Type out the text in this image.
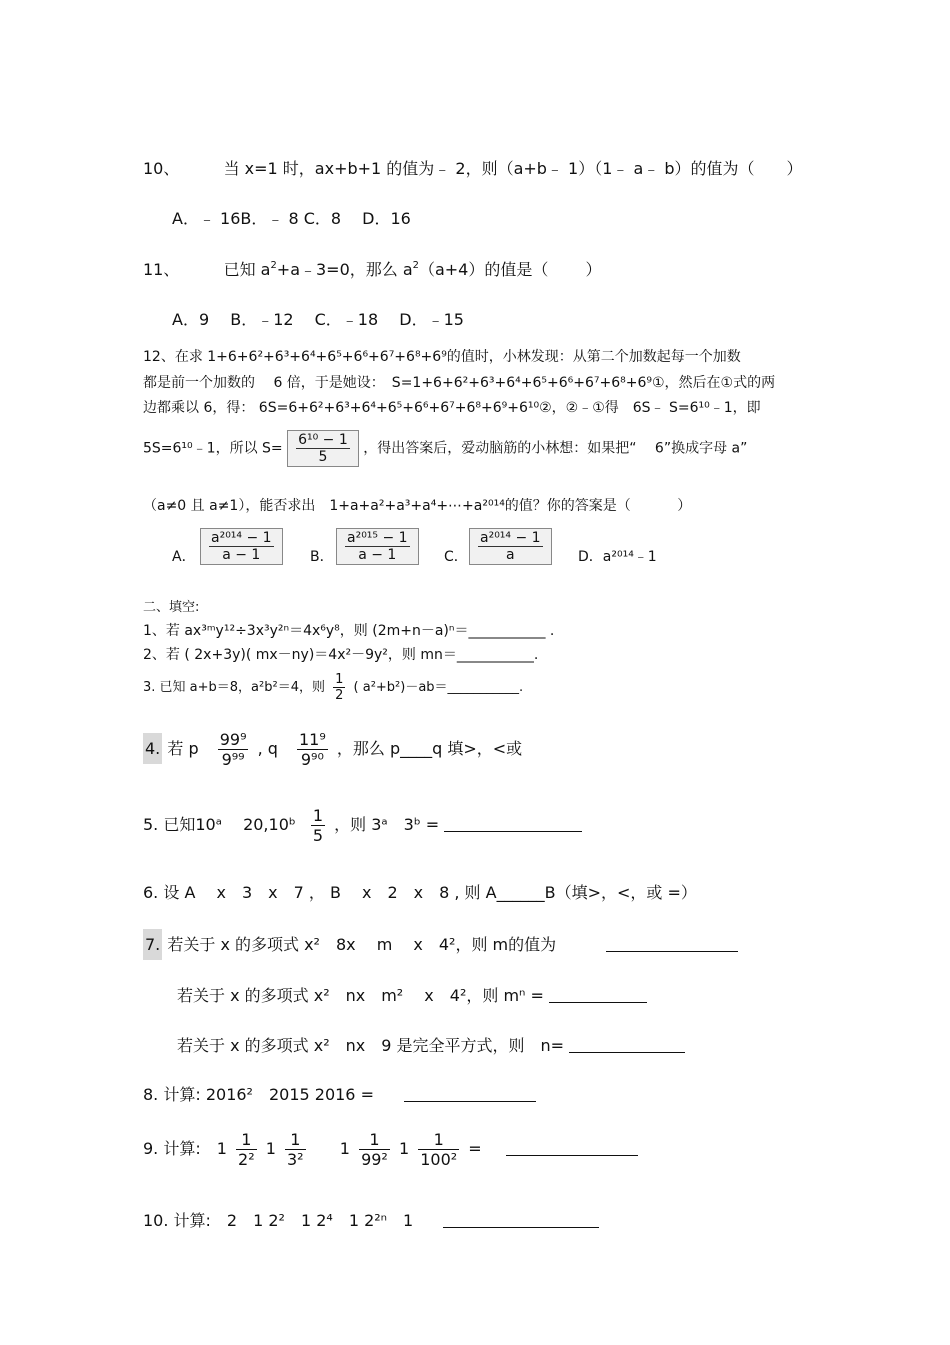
10、	当 x=1 时，ax+b+1 的值为﹣ 2，则（a+b﹣ 1）（1﹣ a﹣ b）的值为（　　）
A．﹣ 16B．﹣ 8 C．8　 D．16
11、	已知 $a^2+a﹣3=0$，那么 $a^2(a+4)$的值是（　　 ）
A．9　 B．﹣12　 C．﹣18　 D．﹣15
12、在求 1+6+6²+6³+6⁴+6⁵+6⁶+6⁷+6⁸+6⁹的值时，小林发现：从第二个加数起每一个加数
都是前一个加数的　 6 倍，于是她设：　S=1+6+6²+6³+6⁴+6⁵+6⁶+6⁷+6⁸+6⁹①，然后在①式的两
边都乘以 6，得： 6S=6+6²+6³+6⁴+6⁵+6⁶+6⁷+6⁸+6⁹+6¹⁰②，②﹣①得　6S﹣ S=6¹⁰﹣1，即
5S=6¹⁰﹣1，所以 $S= \frac{\text{6¹⁰ − 1}}{5}$ ，得出答案后，爱动脑筋的小林想：如果把“　 6”换成字母 a”
（a≠0 且 a≠1），能否求出　1+a+a²+a³+a⁴+⋯+a²⁰¹⁴的值？你的答案是（　　　 ）
A． $\frac{\text{a²⁰¹⁴ − 1}}{a - 1}$ B． $\frac{\text{a²⁰¹⁵ − 1}}{a - 1}$ C． $\frac{\text{a²⁰¹⁴ − 1}}{a}$ D．a²⁰¹⁴﹣1
二、填空:
1、若 ax³ᵐy¹²÷3x³y²ⁿ＝4x⁶y⁸，则 (2m+n－a)ⁿ＝___________ .
2、若 ( 2x+3y)( mx－ny)＝4x²－9y²，则 mn＝___________.
3. 已知 a+b＝8，a²b²＝4，则 $\frac{1}{2}$ ( a²+b²)－ab＝___________.
4. 若 p $\frac{\text{99⁹}}{\text{9⁹⁹}}$ , q $\frac{\text{11⁹}}{\text{9⁹⁰}}$ ，那么 p____q 填>，<或
5. 已知10ᵃ　 20,10ᵇ $\frac{1}{5}$ ，则 3ᵃ　3ᵇ =
6. 设 A　 x　3　x　7 ， B　 x　2　x　8 , 则 A______B（填>，<，或 =）
7. 若关于 x 的多项式 x²　8x　 m　 x　4²，则 m的值为
若关于 x 的多项式 x²　nx　m²　 x　4²，则 mⁿ =
若关于 x 的多项式 x²　nx　9 是完全平方式，则　n=
8. 计算: 2016²　2015 2016 =
9. 计算:　$1 \frac{1}{\text{2²}} 1 \frac{1}{\text{3²}} 1 \frac{1}{\text{99²}} 1 \frac{1}{\text{100²}}$ =
10. 计算:　2　1 2²　1 2⁴　1 2²ⁿ　1
